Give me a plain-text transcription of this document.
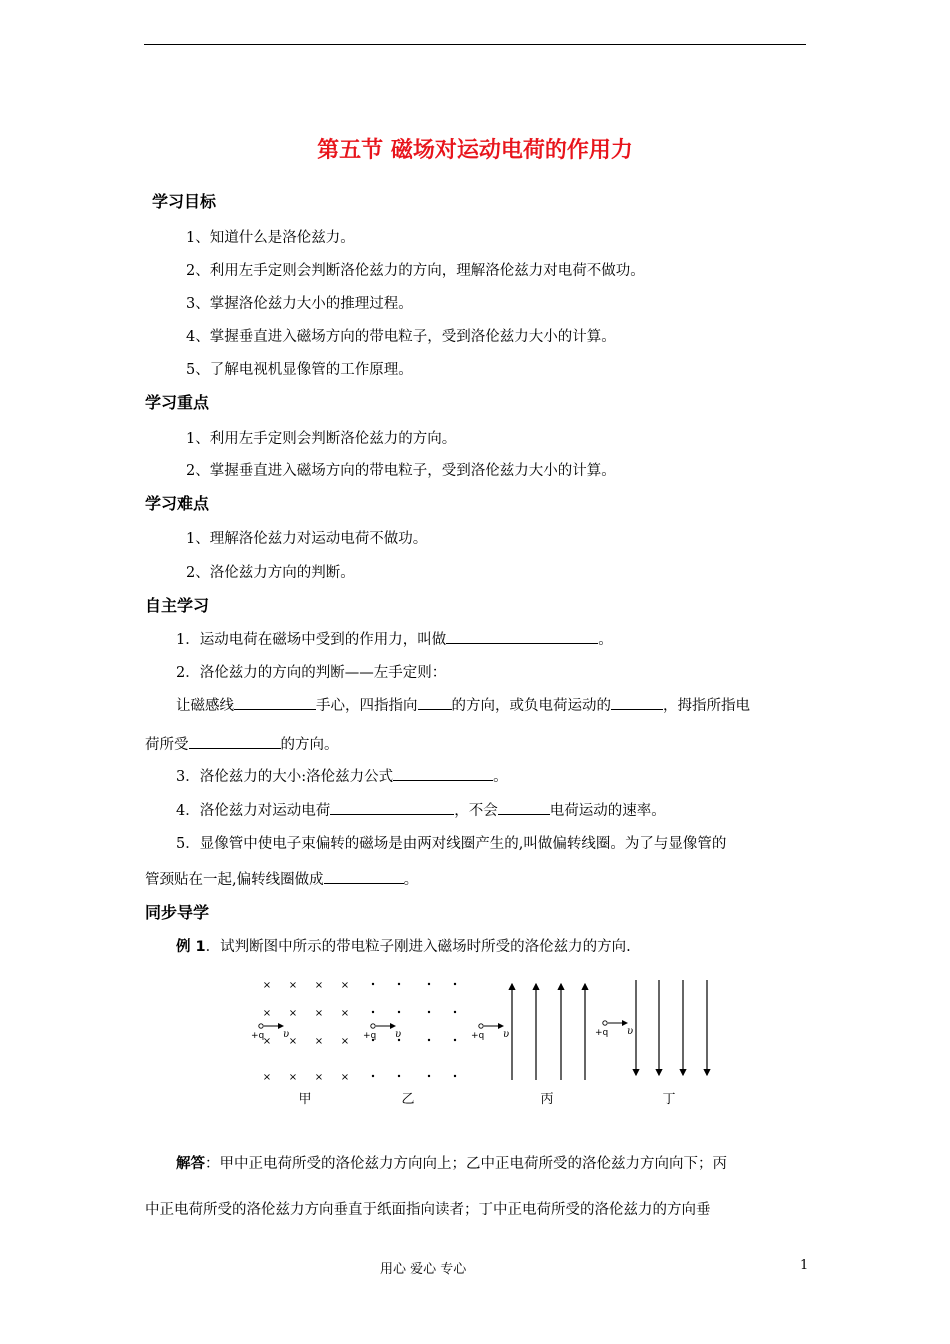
第五节 磁场对运动电荷的作用力
学习目标
1、知道什么是洛伦兹力。
2、利用左手定则会判断洛伦兹力的方向，理解洛伦兹力对电荷不做功。
3、掌握洛伦兹力大小的推理过程。
4、掌握垂直进入磁场方向的带电粒子，受到洛伦兹力大小的计算。
5、了解电视机显像管的工作原理。
学习重点
1、利用左手定则会判断洛伦兹力的方向。
2、掌握垂直进入磁场方向的带电粒子，受到洛伦兹力大小的计算。
学习难点
1、理解洛伦兹力对运动电荷不做功。
2、洛伦兹力方向的判断。
自主学习
1．运动电荷在磁场中受到的作用力，叫做	。
2．洛伦兹力的方向的判断——左手定则：
让磁感线	手心，四指指向 的方向，或负电荷运动的	，拇指所指电
荷所受	的方向。
3．洛伦兹力的大小:洛伦兹力公式	。
4．洛伦兹力对运动电荷	，不会	电荷运动的速率。
5．显像管中使电子束偏转的磁场是由两对线圈产生的,叫做偏转线圈。为了与显像管的
管颈贴在一起,偏转线圈做成	。
同步导学
例 1．试判断图中所示的带电粒子刚进入磁场时所受的洛伦兹力的方向.
× × × ×
× × × ×
× × × ×
× × × ×
+q υ	+q υ	+q υ	+q υ
甲	乙	丙	丁
解答：甲中正电荷所受的洛伦兹力方向向上；乙中正电荷所受的洛伦兹力方向向下；丙
中正电荷所受的洛伦兹力方向垂直于纸面指向读者；丁中正电荷所受的洛伦兹力的方向垂
用心 爱心 专心	1
